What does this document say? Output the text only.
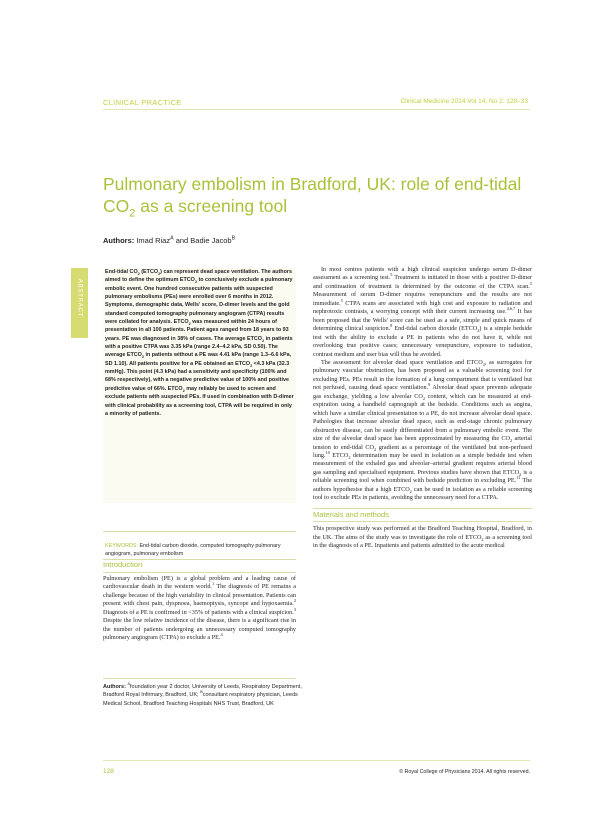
CLINICAL PRACTICE	Clinical Medicine 2014 Vol 14, No 2: 128–33
Pulmonary embolism in Bradford, UK: role of end-tidal $CO_2$ as a screening tool
Authors: Imad Riaz$^A$ and Badie Jacob$^B$
ABSTRACT
End-tidal $CO_2$ $(ETCO_2)$ can represent dead space ventilation. The authors aimed to define the optimum $ETCO_2$ to conclusively exclude a pulmonary embolic event. One hundred consecutive patients with suspected pulmonary embolisms (PEs) were enrolled over 6 months in 2012. Symptoms, demographic data, Wells' score, D-dimer levels and the gold standard computed tomography pulmonary angiogram (CTPA) results were collated for analysis. $ETCO_2$ was measured within 24 hours of presentation in all 100 patients. Patient ages ranged from 18 years to 93 years. PE was diagnosed in 38% of cases. The average $ETCO_2$ in patients with a positive CTPA was 3.35 kPa (range 2.4–4.2 kPa, SD 0.50). The average $ETCO_2$ in patients without a PE was 4.41 kPa (range 1.3–6.6 kPa, SD 1.10). All patients positive for a PE obtained an $ETCO_2 <4.3$ kPa (32.3 mmHg). This point (4.3 kPa) had a sensitivity and specificity (100% and 68% respectively), with a negative predictive value of 100% and positive predictive value of 66%. $ETCO_2$ may reliably be used to screen and exclude patients with suspected PEs. If used in combination with D-dimer with clinical probability as a screening tool, CTPA will be required in only a minority of patients.
KEYWORDS: End-tidal carbon dioxide, computed tomography pulmonary angiogram, pulmonary embolism
Introduction
Pulmonary embolism (PE) is a global problem and a leading cause of cardiovascular death in the western world.$^1$ The diagnosis of PE remains a challenge because of the high variability in clinical presentation. Patients can present with chest pain, dyspnoea, haemoptysis, syncope and hypoxaemia.$^2$ Diagnosis of a PE is confirmed in <35% of patients with a clinical suspicion.$^3$ Despite the low relative incidence of the disease, there is a significant rise in the number of patients undergoing an unnecessary computed tomography pulmonary angiogram (CTPA) to exclude a PE.$^4$
Authors: $^A$foundation year 2 doctor, University of Leeds, Respiratory Department, Bradford Royal Infirmary, Bradford, UK; $^B$consultant respiratory physician, Leeds Medical School, Bradford Teaching Hospitals NHS Trust, Bradford, UK

In most centres patients with a high clinical suspicion undergo serum D-dimer assessment as a screening test.$^5$ Treatment is initiated in those with a positive D-dimer and continuation of treatment is determined by the outcome of the CTPA scan.$^5$ Measurement of serum D-dimer requires venepuncture and the results are not immediate.$^5$ CTPA scans are associated with high cost and exposure to radiation and nephrotoxic contrasts, a worrying concept with their current increasing use.$^{4,6,7}$ It has been proposed that the Wells' score can be used as a safe, simple and quick means of determining clinical suspicion.$^8$ End-tidal carbon dioxide $(ETCO_2)$ is a simple bedside test with the ability to exclude a PE in patients who do not have it, while not overlooking true positive cases; unnecessary venepuncture, exposure to radiation, contrast medium and user bias will thus be avoided.

The assessment for alveolar dead space ventilation and $ETCO_2$, as surrogates for pulmonary vascular obstruction, has been proposed as a valuable screening tool for excluding PEs. PEs result in the formation of a lung compartment that is ventilated but not perfused, causing dead space ventilation.$^9$ Alveolar dead space prevents adequate gas exchange, yielding a low alveolar $CO_2$ content, which can be measured at end-expiration using a handheld capnograph at the bedside. Conditions such as angina, which have a similar clinical presentation to a PE, do not increase alveolar dead space. Pathologies that increase alveolar dead space, such as end-stage chronic pulmonary obstructive disease, can be easily differentiated from a pulmonary embolic event. The size of the alveolar dead space has been approximated by measuring the $CO_2$ arterial tension to end-tidal $CO_2$ gradient as a percentage of the ventilated but non-perfused lung.$^{10}$ $ETCO_2$ determination may be used in isolation as a simple bedside test when measurement of the exhaled gas and alveolar–arterial gradient requires arterial blood gas sampling and specialised equipment. Previous studies have shown that $ETCO_2$ is a reliable screening tool when combined with bedside prediction in excluding PE.$^{11}$ The authors hypothesise that a high $ETCO_2$ can be used in isolation as a reliable screening tool to exclude PEs in patients, avoiding the unnecessary need for a CTPA.

Materials and methods

This prospective study was performed at the Bradford Teaching Hospital, Bradford, in the UK. The aims of the study was to investigate the role of $ETCO_2$ as a screening tool in the diagnosis of a PE. Inpatients and patients admitted to the acute medical

128	© Royal College of Physicians 2014. All rights reserved.
